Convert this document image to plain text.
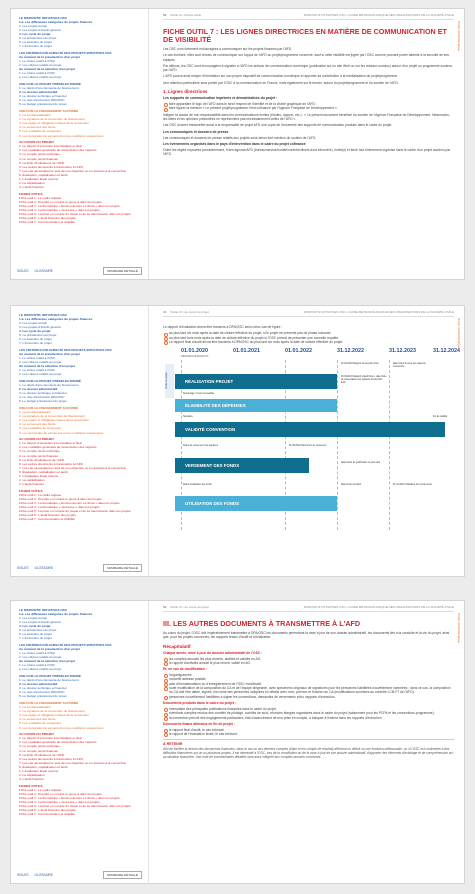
LE DISPOSITIF INITIATIVES OSC
1.a. Les différentes catégories de projets financés
2. Les projets terrain
3. Les projets d'intérêt général
4. Les cycle du projet
5. La présélection du projet
6. La sélection du projet
7. L'instruction du projet
LES CRITÈRES D'ÉLIGIBILITÉ DES PROJETS INITIATIVES OSC
Au moment de la présélection d'un projet
1. Le critère relatif à l'OSC
2. Les critères relatifs au projet
Au moment de la sélection d'un projet
1. Le critère relatif à l'OSC
2. Les critères relatifs au projet
UNE FOIS LE PROJET PRÉSÉLECTIONNÉ
1. Le dépôt d'une demande de financement
2. Le dossier administratif
3. Le dossier technique et financier
4. Le note d'instruction DPA/OSC
5. Le budget prévisionnel du projet
UNE FOIS LE FINANCEMENT ACCORDÉ
1. La contractualisation
2. La signature de la convention de financement
3. Les règles et obligations issues de la convention
4. Le versement des fonds
5. Les modalités de versement
6. Les demandes de versement et les conditions suspensives
AU COURS DU PROJET
1. Le rapport d'exécution intermédiaire et final
2. Les modalités générales de transmission des rapports
3. Le compte rendu technique
4. Le compte rendu financier
5. La fiche d'indicateurs de l'AFD
6. Les autres documents à transmettre à l'AFD
7. Les cas nécessitant un avis de non-objection ou un avenant à la convention
8. Évaluation, capitalisation et audit
1. L'évaluation finale externe
2. La capitalisation
3. L'audit financier
FICHES OUTILS
Fiche outil 1 : Le cadre logique
Fiche outil 2 : Prendre en compte le genre à dans les projets
Fiche outil 3 : La thématique « Environnement et climat » dans les projets
Fiche outil 4 : La thématique « Jeunesse » dans les projets
Fiche outil 5 : La prise en compte du risque et de sa transmission dans les projets
Fiche outil 6 : L'audit financier des projets
Fiche outil 7 : Communication et visibilité
SIGLES GLOSSAIRE	SOMMAIRE DÉTAILLÉ
66 Partie III • Fiches outils	DISPOSITIF INITIATIVES OSC • GUIDE MÉTHODOLOGIQUE DES ORGANISATIONS DE LA SOCIÉTÉ CIVILE
Guide méthodologique
FICHE OUTIL 7 : LES LIGNES DIRECTRICES EN MATIÈRE DE COMMUNICATION ET DE VISIBILITÉ
Les OSC sont fortement encouragées à communiquer sur les projets financés par l'AFD.
Le cas échéant, elles sont tenues de communiquer sur l'appui de l'AFD au projet/programme concerné, sauf si cette visibilité est jugée par l'OSC comme pouvant porter atteinte à la sécurité de ses équipes.
Par ailleurs, les OSC sont encouragées à signaler à l'AFD les actions de communication numérique (publication sur un site Web ou sur les réseaux sociaux) autour d'un projet ou programme soutenu par l'AFD.
L'AFD pourra ainsi relayer l'information sur son propre dispositif de communication numérique et apporter sa contribution à la médiatisation du projet/programme.
Une attention particulière sera portée par l'OSC à la communication en France, mais également sur le terrain, autour du projet/programme et du soutien de l'AFD.
1. Lignes directrices
Les supports de communication imprimés et dématérialisés du projet :
faire apparaître le logo de l'AFD dans le strict respect de l'identité et de la charte graphique de l'AFD ;
faire figurer la mention « Le présent projet/programme n'est cofinancé par l'Agence Française de Développement ».
Intégrer la clause de non responsabilité dans les communications écrites (études, rapport, etc.) : « Le présent document bénéficie du soutien de l'Agence Française de Développement. Néanmoins, les idées et les opinions présentées ne représentent pas nécessairement celles de l'AFD ».
Les OSC doivent transmettre aussi à la responsable de projet AFD une copie de l'ensemble des supports de communication produits dans le cadre du projet.
Les communiqués et dossiers de presse
Les communiqués et dossiers de presse relatifs aux projets sous-tenus font mention du soutien de l'AFD.
Les événements organisés dans le pays d'intervention dans le cadre du projet cofinancé
Outre les règles exposées précédemment, l'Ides agence/AFD (bureau/service/comité/contrôle/divers dont informé/e), invité(e) et tient/ tout événement organisé dans le cadre d'un projet soutenu par l'AFD.
LE DISPOSITIF INITIATIVES OSC
1.a. Les différentes catégories de projets financés
2. Les projets terrain
3. Les projets d'intérêt général
4. Les cycle du projet
5. La présélection du projet
6. La sélection du projet
7. L'instruction du projet
LES CRITÈRES D'ÉLIGIBILITÉ DES PROJETS INITIATIVES OSC
Au moment de la présélection d'un projet
1. Le critère relatif à l'OSC
2. Les critères relatifs au projet
Au moment de la sélection d'un projet
1. Le critère relatif à l'OSC
2. Les critères relatifs au projet
UNE FOIS LE PROJET PRÉSÉLECTIONNÉ
1. Le dépôt d'une demande de financement
2. Le dossier administratif
3. Le dossier technique et financier
4. Le note d'instruction DPA/OSC
5. Le budget prévisionnel du projet
UNE FOIS LE FINANCEMENT ACCORDÉ
1. La contractualisation
2. La signature de la convention de financement
3. Les règles et obligations issues de la convention
4. Le versement des fonds
5. Les modalités de versement
6. Les demandes de versement et les conditions suspensives
AU COURS DU PROJET
1. Le rapport d'exécution intermédiaire et final
2. Les modalités générales de transmission des rapports
3. Le compte rendu technique
4. Le compte rendu financier
5. La fiche d'indicateurs de l'AFD
6. Les autres documents à transmettre à l'AFD
7. Les cas nécessitant un avis de non-objection ou un avenant à la convention
8. Évaluation, capitalisation et audit
1. L'évaluation finale externe
2. La capitalisation
3. L'audit financier
FICHES OUTILS
Fiche outil 1 : Le cadre logique
Fiche outil 2 : Prendre en compte le genre à dans les projets
Fiche outil 3 : La thématique « Environnement et climat » dans les projets
Fiche outil 4 : La thématique « Jeunesse » dans les projets
Fiche outil 5 : La prise en compte du risque et de sa transmission dans les projets
Fiche outil 6 : L'audit financier des projets
Fiche outil 7 : Communication et visibilité
SIGLES GLOSSAIRE	SOMMAIRE DÉTAILLÉ
44 Partie IV • Au cours du projet	DISPOSITIF INITIATIVES OSC • GUIDE MÉTHODOLOGIQUE DES ORGANISATIONS DE LA SOCIÉTÉ CIVILE
Guide méthodologique
Le rapport d'évaluation devra être transmis à DPA/OSC selon deux cas de figure :
au plus tard six mois après la date de clôture effective du projet, si le projet ne présente pas de phase suivante.
au plus tard trois mois après la date de clôture effective du projet si l'OSC prévoit de présenter une nouvelle requête.
Le rapport final d'audit devra être transmis à DPA/OSC au plus tard six mois après la date de clôture effective du projet.
01.01.2020
DÉMARRAGE EFFECTIF
01.01.2021	01.01.2022	31.12.2022	31.12.2023	31.12.2024
Durée du projet
01.02.2023 Rapport d'exécution final	Date butoir d'envoi des rapports d'exécution
RÉALISATION PROJET
30.09.2023 Rapport d'audit final + date limite de présentation des rapports d'exécution final
Démarrage / Il sont recevables
ÉLIGIBILITÉ DES DÉPENSES
Signature	Fin de validité
VALIDITÉ CONVENTION
Début de versement à la signature	01.09.2022 Date limite de versement
VERSEMENT DES FONDS	Date butoir de justification au plus tard
Début d'utilisation des fonds	Date limite d'emploi	31.12.2022 Utilisation des fonds versé
UTILISATION DES FONDS
LE DISPOSITIF INITIATIVES OSC
1.a. Les différentes catégories de projets financés
2. Les projets terrain
3. Les projets d'intérêt général
4. Les cycle du projet
5. La présélection du projet
6. La sélection du projet
7. L'instruction du projet
LES CRITÈRES D'ÉLIGIBILITÉ DES PROJETS INITIATIVES OSC
Au moment de la présélection d'un projet
1. Le critère relatif à l'OSC
2. Les critères relatifs au projet
Au moment de la sélection d'un projet
1. Le critère relatif à l'OSC
2. Les critères relatifs au projet
UNE FOIS LE PROJET PRÉSÉLECTIONNÉ
1. Le dépôt d'une demande de financement
2. Le dossier administratif
3. Le dossier technique et financier
4. Le note d'instruction DPA/OSC
5. Le budget prévisionnel du projet
UNE FOIS LE FINANCEMENT ACCORDÉ
1. La contractualisation
2. La signature de la convention de financement
3. Les règles et obligations issues de la convention
4. Le versement des fonds
5. Les modalités de versement
6. Les demandes de versement et les conditions suspensives
AU COURS DU PROJET
1. Le rapport d'exécution intermédiaire et final
2. Les modalités générales de transmission des rapports
3. Le compte rendu technique
4. Le compte rendu financier
5. La fiche d'indicateurs de l'AFD
6. Les autres documents à transmettre à l'AFD
7. Les cas nécessitant un avis de non-objection ou un avenant à la convention
8. Évaluation, capitalisation et audit
1. L'évaluation finale externe
2. La capitalisation
3. L'audit financier
FICHES OUTILS
Fiche outil 1 : Le cadre logique
Fiche outil 2 : Prendre en compte le genre à dans les projets
Fiche outil 3 : La thématique « Environnement et climat » dans les projets
Fiche outil 4 : La thématique « Jeunesse » dans les projets
Fiche outil 5 : La prise en compte du risque et de sa transmission dans les projets
Fiche outil 6 : L'audit financier des projets
Fiche outil 7 : Communication et visibilité
SIGLES GLOSSAIRE	SOMMAIRE DÉTAILLÉ
60 Partie IV • Au cours du projet	DISPOSITIF INITIATIVES OSC • GUIDE MÉTHODOLOGIQUE DES ORGANISATIONS DE LA SOCIÉTÉ CIVILE
Guide méthodologique
III. LES AUTRES DOCUMENTS À TRANSMETTRE À L'AFD
Au cours du projet, l'OSC doit impérativement transmettre à DPA/OSC les documents permettant la mise à jour de son dossier administratif, les documents liés à la conduite et la vie du projet, ainsi que, pour les projets concernés, les rapports finaux d'audit et d'évaluation.
Récapitulatif
Chaque année, mise à jour du dossier administratif de l'OSC :
les comptes annuels les plus récents, audités et validés en AG.
le rapport d'activités annuel le plus récent, validé en AG.
Et, en cas de modification :
l'organigramme.
nouvelle adresse postale,
acte d'immatriculation ou d'enregistrement de l'OSC modificatif,
toute modification de la composition du CA et de l'équipe dirigeante, avec spécimens originaux de signatures pour les personnes habilitées nouvellement nommées ; dans ce cas, la composition du CA doit être datée, signée, les noms des personnes indiquées en détails avec nom, prénom et fonction au CA (modifications soumises au contrôle LCB-FT de l'AFD).
personnes nouvellement habilitées à signer les conventions, demandes de versements et/ou rapports d'exécution.
Documents produits dans le cadre du projet :
exemplaire des principales publications financées dans le cadre du projet.
éventuels comptes rendus des comités de pilotage, comités de suivi, réunions élargies organisées dans le cadre du projet (notamment pour les PCPA et les conventions-programme).
la convention prévoit des engagements particuliers, état d'avancement de leur prise en compte, à indiquer à minima dans les rapports d'exécution.
Documents finaux attendus en fin de projet :
le rapport final d'audit, le cas échéant.
le rapport de l'évaluation finale, le cas échéant.
À RETENIR
Afin de faciliter la lecture des documents financiers, dans le cas où ses derniers comptes (bilan et les compte de résultat) affichent un déficit ou une évolution défavorable, ou si l'OSC est confrontée à des difficultés financières sur un ou plusieurs projets, il est demandé à l'OSC, lors de la constitution ou de la mise à jour de son dossier administratif, d'apporter des éléments d'éclairage et de compréhension sur sa situation financière. Une note de commentaires détaillés sera alors intégrée aux comptes annuels concernés.
